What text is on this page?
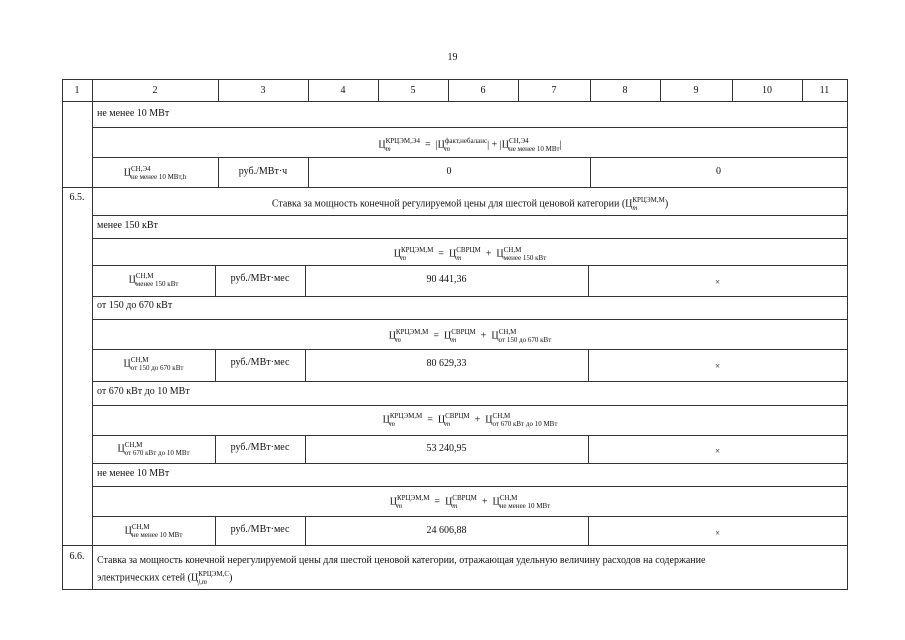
19
1	2	3	4	5	6	7	8	9	10	11
не менее 10 МВт
Ц КРЦЭМ,Э4
m	= |Ц факт,небаланс
m	| + |Ц СН,Э4
не менее 10 МВт |
Ц СН,Э4
не менее 10 МВт,h	руб./МВт·ч	0	0
6.5.
Ставка за мощность конечной регулируемой цены для шестой ценовой категории (Ц КРЦЭМ,М
m	)
менее 150 кВт
Ц КРЦЭМ,М
m	= Ц СВРЦМ
m	+ Ц СН,М
менее 150 кВт
Ц СН,М
менее 150 кВт	руб./МВт·мес	90 441,36	×
от 150 до 670 кВт
Ц КРЦЭМ,М
m	= Ц СВРЦМ
m	+ Ц СН,М
от 150 до 670 кВт
Ц СН,М
от 150 до 670 кВт	руб./МВт·мес	80 629,33	×
от 670 кВт до 10 МВт
Ц КРЦЭМ,М
m	= Ц СВРЦМ
m	+ Ц СН,М
от 670 кВт до 10 МВт
Ц СН,М
от 670 кВт до 10 МВт	руб./МВт·мес	53 240,95	×
не менее 10 МВт
Ц КРЦЭМ,М
m	= Ц СВРЦМ
m	+ Ц СН,М
не менее 10 МВт
Ц СН,М
не менее 10 МВт	руб./МВт·мес	24 606,88	×
6.6.	Ставка за мощность конечной нерегулируемой цены для шестой ценовой категории, отражающая удельную величину расходов на содержание
электрических сетей (Ц КРЦЭМ,С
j,m	)
